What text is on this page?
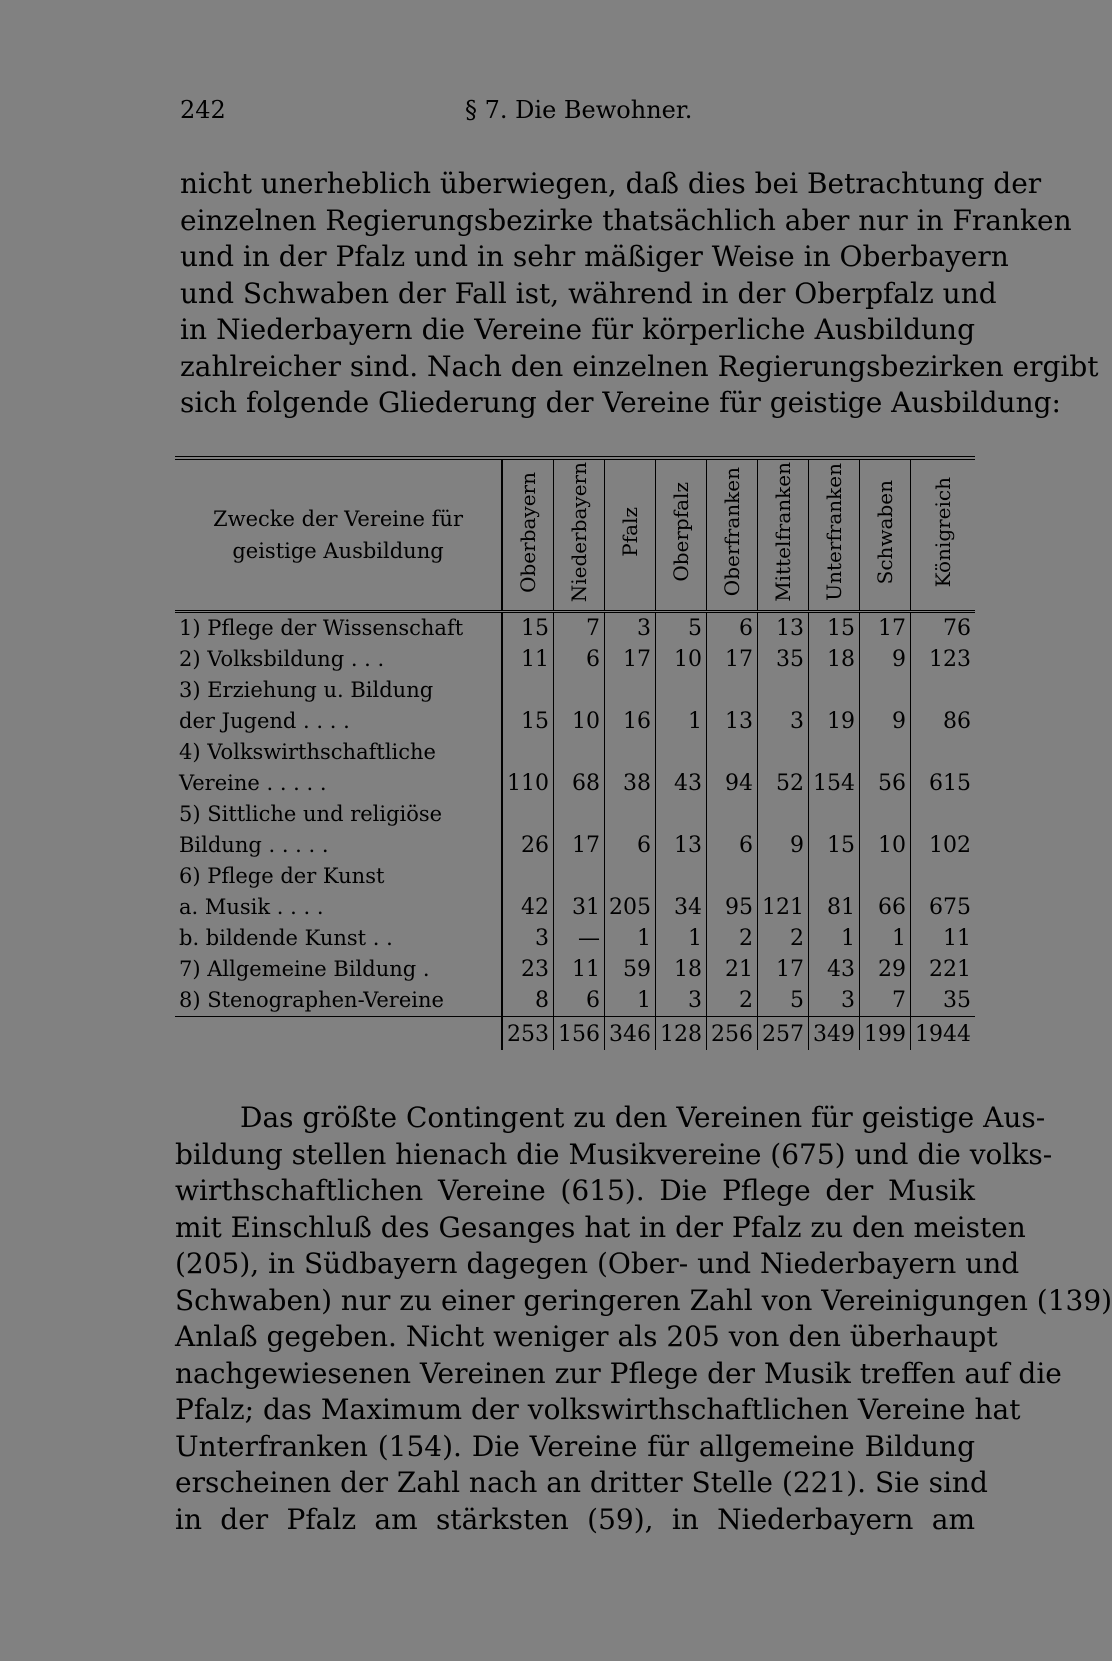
242	§ 7. Die Bewohner.
nicht unerheblich überwiegen, daß dies bei Betrachtung der
einzelnen Regierungsbezirke thatsächlich aber nur in Franken
und in der Pfalz und in sehr mäßiger Weise in Oberbayern
und Schwaben der Fall ist, während in der Oberpfalz und
in Niederbayern die Vereine für körperliche Ausbildung
zahlreicher sind. Nach den einzelnen Regierungsbezirken ergibt
sich folgende Gliederung der Vereine für geistige Ausbildung:
Zwecke der Vereine für geistige Ausbildung	Oberbayern	Niederbayern	Pfalz	Oberpfalz	Oberfranken	Mittelfranken	Unterfranken	Schwaben	Königreich
1) Pflege der Wissenschaft	15	7	3	5	6	13	15	17	76
2) Volksbildung . . .	11	6	17	10	17	35	18	9	123
3) Erziehung u. Bildung									
der Jugend . . . .	15	10	16	1	13	3	19	9	86
4) Volkswirthschaftliche									
Vereine . . . . .	110	68	38	43	94	52	154	56	615
5) Sittliche und religiöse									
Bildung . . . . .	26	17	6	13	6	9	15	10	102
6) Pflege der Kunst									
a. Musik . . . .	42	31	205	34	95	121	81	66	675
b. bildende Kunst . .	3	—	1	1	2	2	1	1	11
7) Allgemeine Bildung .	23	11	59	18	21	17	43	29	221
8) Stenographen-Vereine	8	6	1	3	2	5	3	7	35
	253	156	346	128	256	257	349	199	1944
Das größte Contingent zu den Vereinen für geistige Aus-
bildung stellen hienach die Musikvereine (675) und die volks-
wirthschaftlichen Vereine (615). Die Pflege der Musik
mit Einschluß des Gesanges hat in der Pfalz zu den meisten
(205), in Südbayern dagegen (Ober- und Niederbayern und
Schwaben) nur zu einer geringeren Zahl von Vereinigungen (139)
Anlaß gegeben. Nicht weniger als 205 von den überhaupt
nachgewiesenen Vereinen zur Pflege der Musik treffen auf die
Pfalz; das Maximum der volkswirthschaftlichen Vereine hat
Unterfranken (154). Die Vereine für allgemeine Bildung
erscheinen der Zahl nach an dritter Stelle (221). Sie sind
in der Pfalz am stärksten (59), in Niederbayern am
